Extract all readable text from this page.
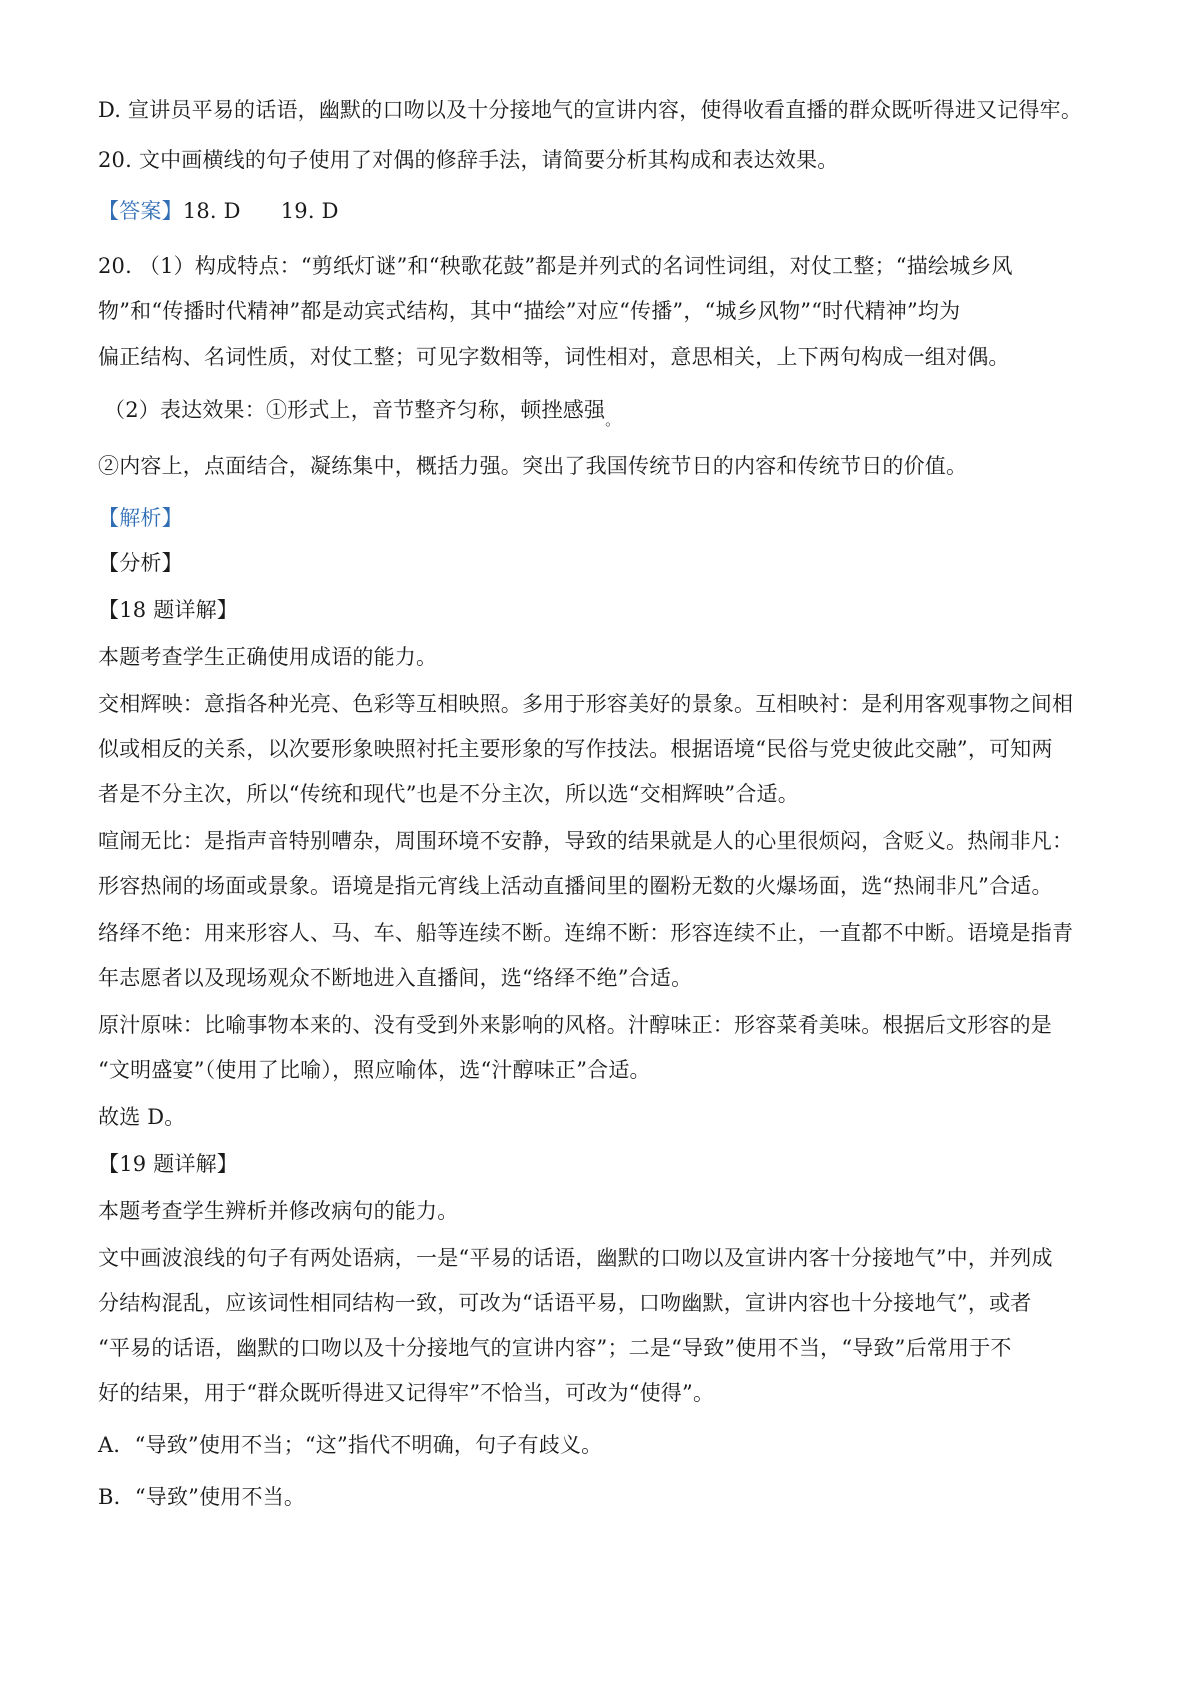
D. 宣讲员平易的话语，幽默的口吻以及十分接地气的宣讲内容，使得收看直播的群众既听得进又记得牢。
20. 文中画横线的句子使用了对偶的修辞手法，请简要分析其构成和表达效果。
【答案】18. D 19. D
20. （1）构成特点：“剪纸灯谜”和“秧歌花鼓”都是并列式的名词性词组，对仗工整；“描绘城乡风
物”和“传播时代精神”都是动宾式结构，其中“描绘”对应“传播”，“城乡风物”“时代精神”均为
偏正结构、名词性质，对仗工整；可见字数相等，词性相对，意思相关，上下两句构成一组对偶。
（2）表达效果：①形式上，音节整齐匀称，顿挫感强$_。$
②内容上，点面结合，凝练集中，概括力强。突出了我国传统节日的内容和传统节日的价值。
【解析】
【分析】
【18 题详解】
本题考查学生正确使用成语的能力。
交相辉映：意指各种光亮、色彩等互相映照。多用于形容美好的景象。互相映衬：是利用客观事物之间相
似或相反的关系，以次要形象映照衬托主要形象的写作技法。根据语境“民俗与党史彼此交融”，可知两
者是不分主次，所以“传统和现代”也是不分主次，所以选“交相辉映”合适。
喧闹无比：是指声音特别嘈杂，周围环境不安静，导致的结果就是人的心里很烦闷，含贬义。热闹非凡：
形容热闹的场面或景象。语境是指元宵线上活动直播间里的圈粉无数的火爆场面，选“热闹非凡”合适。
络绎不绝：用来形容人、马、车、船等连续不断。连绵不断：形容连续不止，一直都不中断。语境是指青
年志愿者以及现场观众不断地进入直播间，选“络绎不绝”合适。
原汁原味：比喻事物本来的、没有受到外来影响的风格。汁醇味正：形容菜肴美味。根据后文形容的是
“文明盛宴”（使用了比喻），照应喻体，选“汁醇味正”合适。
故选 D。
【19 题详解】
本题考查学生辨析并修改病句的能力。
文中画波浪线的句子有两处语病，一是“平易的话语，幽默的口吻以及宣讲内客十分接地气”中，并列成
分结构混乱，应该词性相同结构一致，可改为“话语平易，口吻幽默，宣讲内容也十分接地气”，或者
“平易的话语，幽默的口吻以及十分接地气的宣讲内容”；二是“导致”使用不当，“导致”后常用于不
好的结果，用于“群众既听得进又记得牢”不恰当，可改为“使得”。
A．“导致”使用不当；“这”指代不明确，句子有歧义。
B．“导致”使用不当。
